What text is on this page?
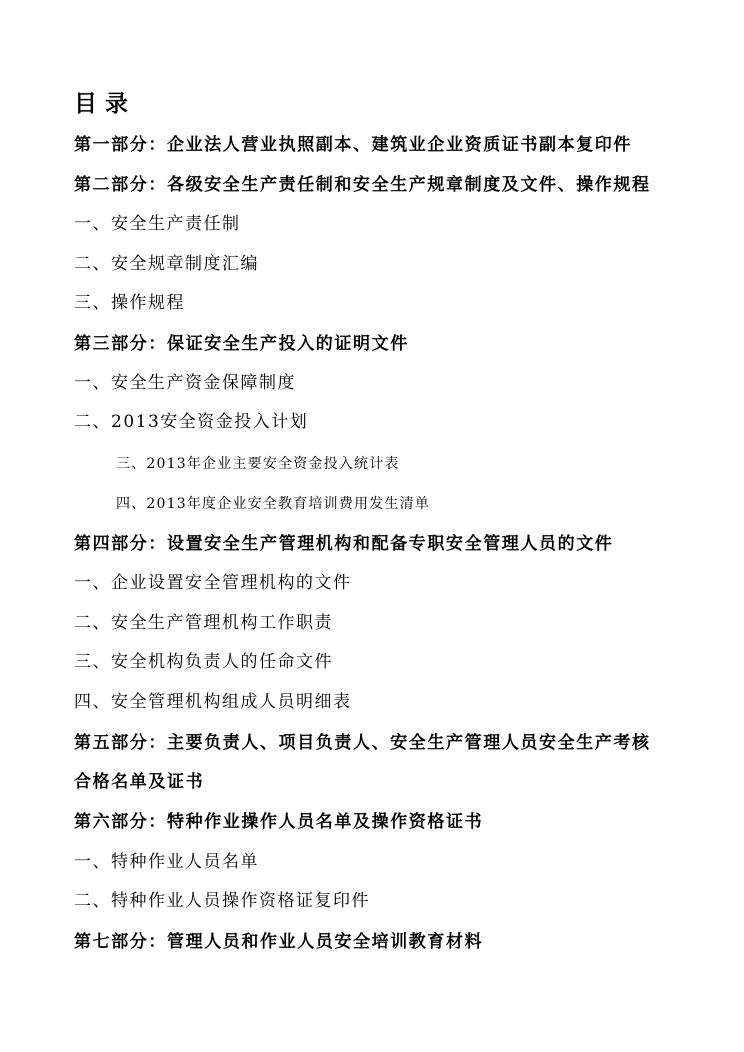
目录
第一部分：企业法人营业执照副本、建筑业企业资质证书副本复印件
第二部分：各级安全生产责任制和安全生产规章制度及文件、操作规程
一、安全生产责任制
二、安全规章制度汇编
三、操作规程
第三部分：保证安全生产投入的证明文件
一、安全生产资金保障制度
二、2013安全资金投入计划
三、2013年企业主要安全资金投入统计表
四、2013年度企业安全教育培训费用发生清单
第四部分：设置安全生产管理机构和配备专职安全管理人员的文件
一、企业设置安全管理机构的文件
二、安全生产管理机构工作职责
三、安全机构负责人的任命文件
四、安全管理机构组成人员明细表
第五部分：主要负责人、项目负责人、安全生产管理人员安全生产考核
合格名单及证书
第六部分：特种作业操作人员名单及操作资格证书
一、特种作业人员名单
二、特种作业人员操作资格证复印件
第七部分：管理人员和作业人员安全培训教育材料
